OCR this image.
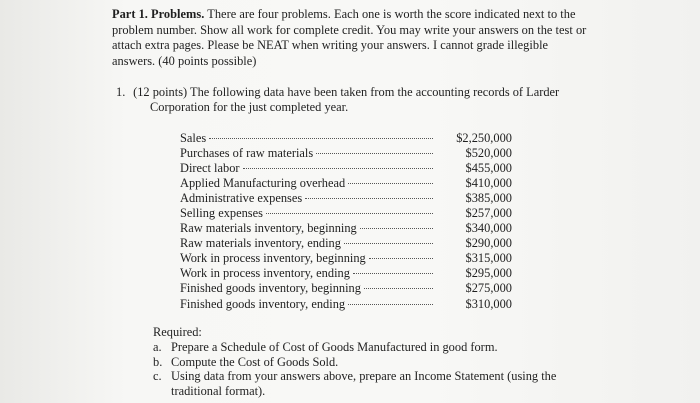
Part 1. Problems. There are four problems. Each one is worth the score indicated next to the problem number. Show all work for complete credit. You may write your answers on the test or attach extra pages. Please be NEAT when writing your answers. I cannot grade illegible answers. (40 points possible)
1. (12 points) The following data have been taken from the accounting records of Larder
Corporation for the just completed year.
Sales	$2,250,000
Purchases of raw materials	$520,000
Direct labor	$455,000
Applied Manufacturing overhead	$410,000
Administrative expenses	$385,000
Selling expenses	$257,000
Raw materials inventory, beginning	$340,000
Raw materials inventory, ending	$290,000
Work in process inventory, beginning	$315,000
Work in process inventory, ending	$295,000
Finished goods inventory, beginning	$275,000
Finished goods inventory, ending	$310,000
Required:
a. Prepare a Schedule of Cost of Goods Manufactured in good form.
b. Compute the Cost of Goods Sold.
c. Using data from your answers above, prepare an Income Statement (using the traditional format).
